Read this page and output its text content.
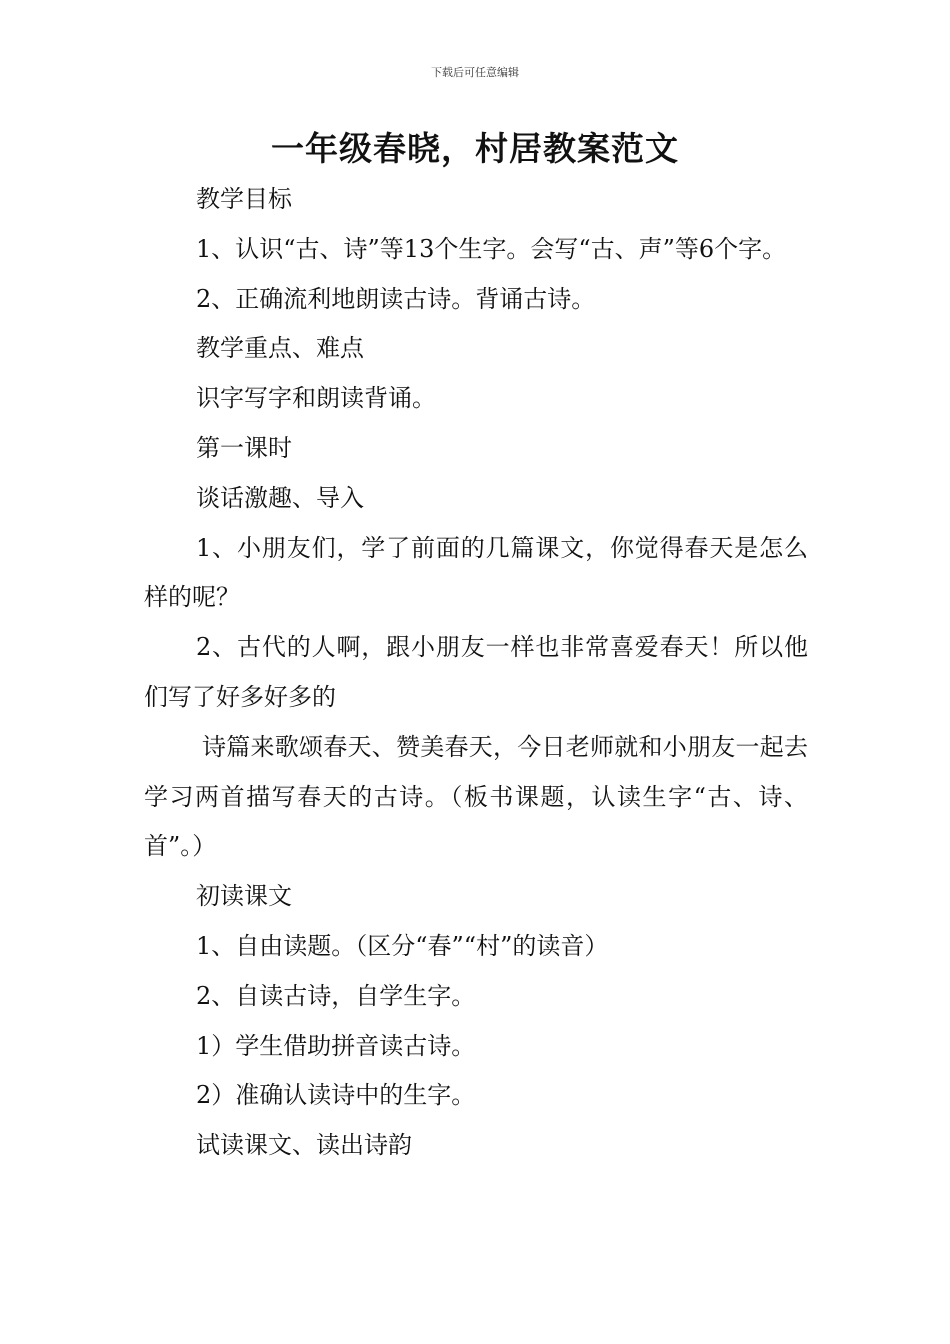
下载后可任意编辑
一年级春晓，村居教案范文

教学目标

1、认识“古、诗”等13个生字。会写“古、声”等6个字。

2、正确流利地朗读古诗。背诵古诗。

教学重点、难点

识字写字和朗读背诵。

第一课时

谈话激趣、导入

1、小朋友们，学了前面的几篇课文，你觉得春天是怎么样的呢？

2、古代的人啊，跟小朋友一样也非常喜爱春天！所以他们写了好多好多的

诗篇来歌颂春天、赞美春天，今日老师就和小朋友一起去学习两首描写春天的古诗。（板书课题，认读生字“古、诗、首”。）

初读课文

1、自由读题。（区分“春”“村”的读音）

2、自读古诗，自学生字。

1）学生借助拼音读古诗。

2）准确认读诗中的生字。

试读课文、读出诗韵
